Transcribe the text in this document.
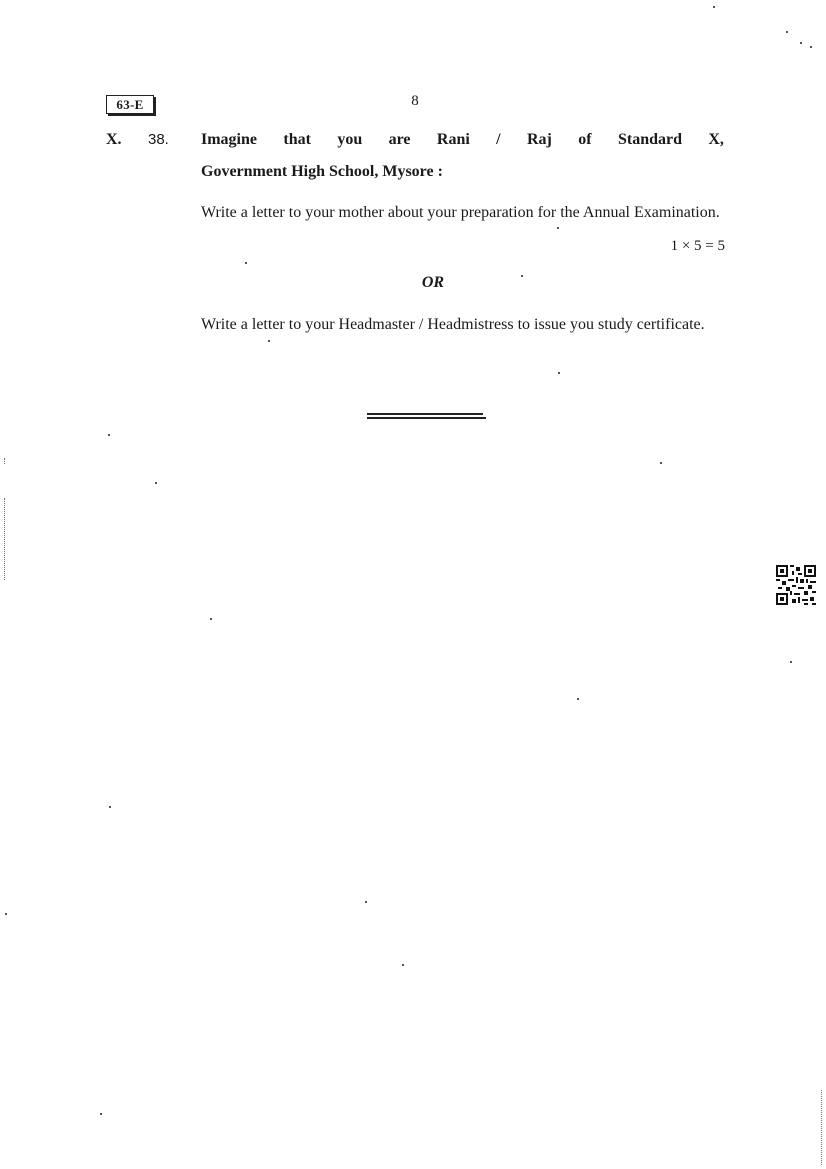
63-E	8
X. 38. Imagine that you are Rani / Raj of Standard X,
Government High School, Mysore :
Write a letter to your mother about your preparation for the Annual Examination.
1 × 5 = 5
OR
Write a letter to your Headmaster / Headmistress to issue you study certificate.
